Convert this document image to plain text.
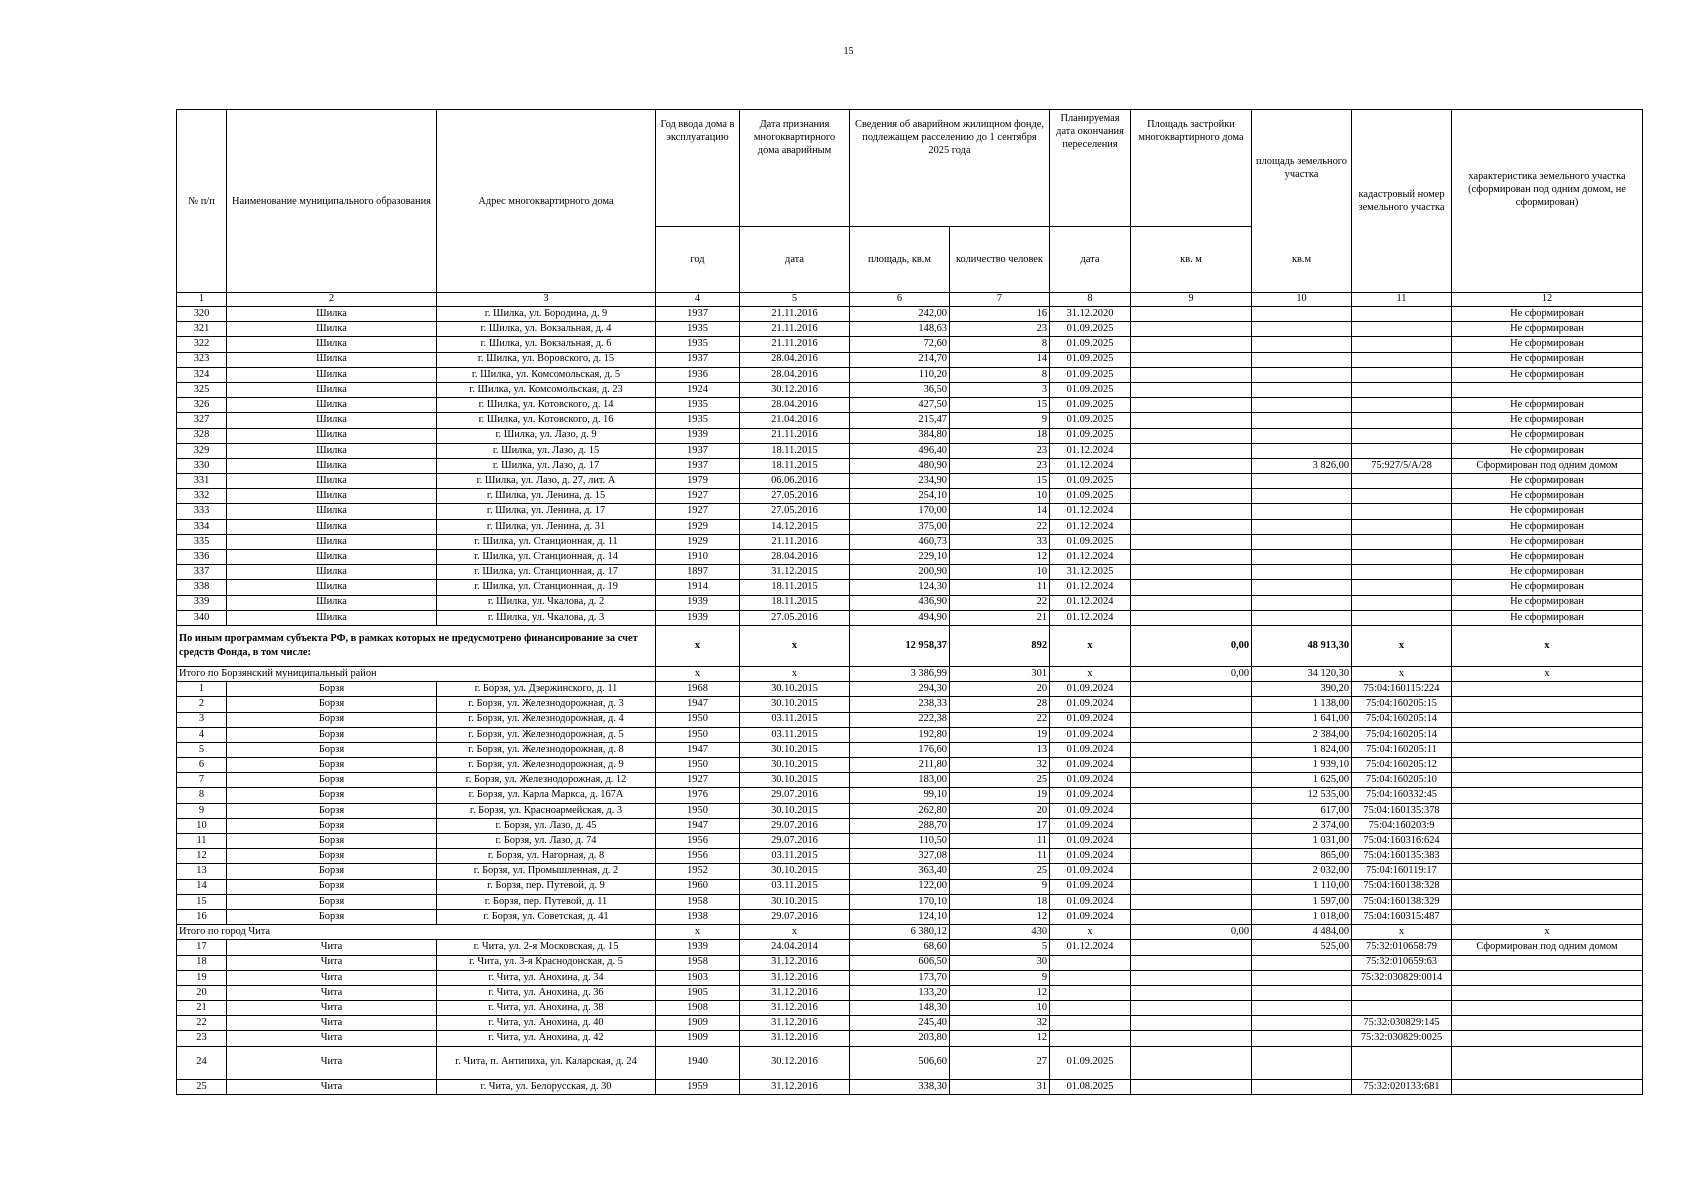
15
№ п/п	Наименование муниципального образования	Адрес многоквартирного дома	Год ввода дома в эксплуатацию	Дата признания многоквартирного дома аварийным	Сведения об аварийном жилищном фонде, подлежащем расселению до 1 сентября 2025 года		Планируемая дата окончания переселения	Площадь застройки многоквартирного дома	площадь земельного участка	кадастровый номер земельного участка	характеристика земельного участка (сформирован под одним домом, не сформирован)
			год	дата	площадь, кв.м	количество человек	дата	кв. м	кв.м		
1	2	3	4	5	6	7	8	9	10	11	12
320	Шилка	г. Шилка, ул. Бородина, д. 9	1937	21.11.2016	242,00	16	31.12.2020				Не сформирован
321	Шилка	г. Шилка, ул. Вокзальная, д. 4	1935	21.11.2016	148,63	23	01.09.2025				Не сформирован
322	Шилка	г. Шилка, ул. Вокзальная, д. 6	1935	21.11.2016	72,60	8	01.09.2025				Не сформирован
323	Шилка	г. Шилка, ул. Воровского, д. 15	1937	28.04.2016	214,70	14	01.09.2025				Не сформирован
324	Шилка	г. Шилка, ул. Комсомольская, д. 5	1936	28.04.2016	110,20	8	01.09.2025				Не сформирован
325	Шилка	г. Шилка, ул. Комсомольская, д. 23	1924	30.12.2016	36,50	3	01.09.2025				
326	Шилка	г. Шилка, ул. Котовского, д. 14	1935	28.04.2016	427,50	15	01.09.2025				Не сформирован
327	Шилка	г. Шилка, ул. Котовского, д. 16	1935	21.04.2016	215,47	9	01.09.2025				Не сформирован
328	Шилка	г. Шилка, ул. Лазо, д. 9	1939	21.11.2016	384,80	18	01.09.2025				Не сформирован
329	Шилка	г. Шилка, ул. Лазо, д. 15	1937	18.11.2015	496,40	23	01.12.2024				Не сформирован
330	Шилка	г. Шилка, ул. Лазо, д. 17	1937	18.11.2015	480,90	23	01.12.2024		3 826,00	75:927/5/А/28	Сформирован под одним домом
331	Шилка	г. Шилка, ул. Лазо, д. 27, лит. А	1979	06.06.2016	234,90	15	01.09.2025				Не сформирован
332	Шилка	г. Шилка, ул. Ленина, д. 15	1927	27.05.2016	254,10	10	01.09.2025				Не сформирован
333	Шилка	г. Шилка, ул. Ленина, д. 17	1927	27.05.2016	170,00	14	01.12.2024				Не сформирован
334	Шилка	г. Шилка, ул. Ленина, д. 31	1929	14.12.2015	375,00	22	01.12.2024				Не сформирован
335	Шилка	г. Шилка, ул. Станционная, д. 11	1929	21.11.2016	460,73	33	01.09.2025				Не сформирован
336	Шилка	г. Шилка, ул. Станционная, д. 14	1910	28.04.2016	229,10	12	01.12.2024				Не сформирован
337	Шилка	г. Шилка, ул. Станционная, д. 17	1897	31.12.2015	200,90	10	31.12.2025				Не сформирован
338	Шилка	г. Шилка, ул. Станционная, д. 19	1914	18.11.2015	124,30	11	01.12.2024				Не сформирован
339	Шилка	г. Шилка, ул. Чкалова, д. 2	1939	18.11.2015	436,90	22	01.12.2024				Не сформирован
340	Шилка	г. Шилка, ул. Чкалова, д. 3	1939	27.05.2016	494,90	21	01.12.2024				Не сформирован
По иным программам субъекта РФ, в рамках которых не предусмотрено финансирование за счет средств Фонда, в том числе:			x	x	12 958,37	892	x	0,00	48 913,30	x	x
Итого по Борзянский муниципальный район			x	x	3 386,99	301	x	0,00	34 120,30	x	x
1	Борзя	г. Борзя, ул. Дзержинского, д. 11	1968	30.10.2015	294,30	20	01.09.2024		390,20	75:04:160115:224	
2	Борзя	г. Борзя, ул. Железнодорожная, д. 3	1947	30.10.2015	238,33	28	01.09.2024		1 138,00	75:04:160205:15	
3	Борзя	г. Борзя, ул. Железнодорожная, д. 4	1950	03.11.2015	222,38	22	01.09.2024		1 641,00	75:04:160205:14	
4	Борзя	г. Борзя, ул. Железнодорожная, д. 5	1950	03.11.2015	192,80	19	01.09.2024		2 384,00	75:04:160205:14	
5	Борзя	г. Борзя, ул. Железнодорожная, д. 8	1947	30.10.2015	176,60	13	01.09.2024		1 824,00	75:04:160205:11	
6	Борзя	г. Борзя, ул. Железнодорожная, д. 9	1950	30.10.2015	211,80	32	01.09.2024		1 939,10	75:04:160205:12	
7	Борзя	г. Борзя, ул. Железнодорожная, д. 12	1927	30.10.2015	183,00	25	01.09.2024		1 625,00	75:04:160205:10	
8	Борзя	г. Борзя, ул. Карла Маркса, д. 167А	1976	29.07.2016	99,10	19	01.09.2024		12 535,00	75:04:160332:45	
9	Борзя	г. Борзя, ул. Красноармейская, д. 3	1950	30.10.2015	262,80	20	01.09.2024		617,00	75:04:160135:378	
10	Борзя	г. Борзя, ул. Лазо, д. 45	1947	29.07.2016	288,70	17	01.09.2024		2 374,00	75:04:160203:9	
11	Борзя	г. Борзя, ул. Лазо, д. 74	1956	29.07.2016	110,50	11	01.09.2024		1 031,00	75:04:160316:624	
12	Борзя	г. Борзя, ул. Нагорная, д. 8	1956	03.11.2015	327,08	11	01.09.2024		865,00	75:04:160135:383	
13	Борзя	г. Борзя, ул. Промышленная, д. 2	1952	30.10.2015	363,40	25	01.09.2024		2 032,00	75:04:160119:17	
14	Борзя	г. Борзя, пер. Путевой, д. 9	1960	03.11.2015	122,00	9	01.09.2024		1 110,00	75:04:160138:328	
15	Борзя	г. Борзя, пер. Путевой, д. 11	1958	30.10.2015	170,10	18	01.09.2024		1 597,00	75:04:160138:329	
16	Борзя	г. Борзя, ул. Советская, д. 41	1938	29.07.2016	124,10	12	01.09.2024		1 018,00	75:04:160315:487	
Итого по город Чита			x	x	6 380,12	430	x	0,00	4 484,00	x	x
17	Чита	г. Чита, ул. 2-я Московская, д. 15	1939	24.04.2014	68,60	5	01.12.2024		525,00	75:32:010658:79	Сформирован под одним домом
18	Чита	г. Чита, ул. 3-я Краснодонская, д. 5	1958	31.12.2016	606,50	30				75:32:010659:63	
19	Чита	г. Чита, ул. Анохина, д. 34	1903	31.12.2016	173,70	9				75:32:030829:0014	
20	Чита	г. Чита, ул. Анохина, д. 36	1905	31.12.2016	133,20	12					
21	Чита	г. Чита, ул. Анохина, д. 38	1908	31.12.2016	148,30	10					
22	Чита	г. Чита, ул. Анохина, д. 40	1909	31.12.2016	245,40	32				75:32:030829:145	
23	Чита	г. Чита, ул. Анохина, д. 42	1909	31.12.2016	203,80	12				75:32:030829:0025	
24	Чита	г. Чита, п. Антипиха, ул. Каларская, д. 24	1940	30.12.2016	506,60	27	01.09.2025				
25	Чита	г. Чита, ул. Белорусская, д. 30	1959	31.12.2016	338,30	31	01.08.2025			75:32:020133:681	
